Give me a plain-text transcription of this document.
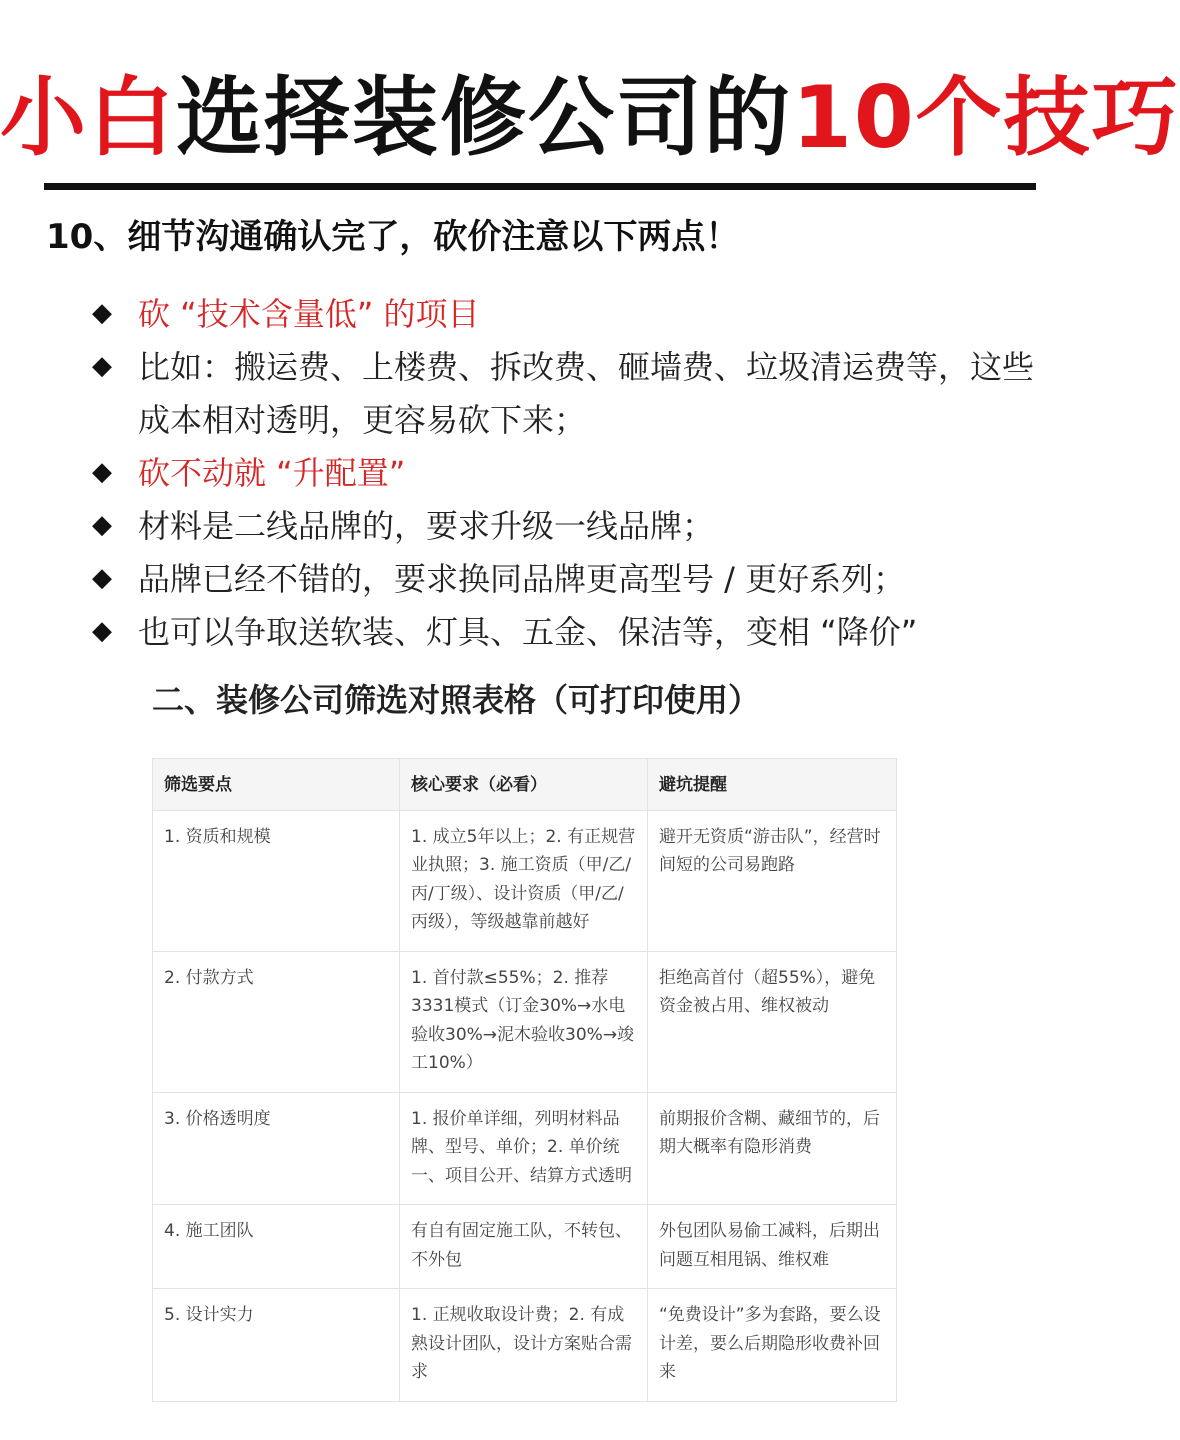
小白选择装修公司的10个技巧
10、细节沟通确认完了，砍价注意以下两点！
◆ 砍 “技术含量低” 的项目
◆ 比如：搬运费、上楼费、拆改费、砸墙费、垃圾清运费等，这些成本相对透明，更容易砍下来；
◆ 砍不动就 “升配置”
◆ 材料是二线品牌的，要求升级一线品牌；
◆ 品牌已经不错的，要求换同品牌更高型号 / 更好系列；
◆ 也可以争取送软装、灯具、五金、保洁等，变相 “降价”
二、装修公司筛选对照表格（可打印使用）
筛选要点	核心要求（必看）	避坑提醒
1. 资质和规模	1. 成立5年以上；2. 有正规营业执照；3. 施工资质（甲/乙/丙/丁级）、设计资质（甲/乙/丙级），等级越靠前越好	避开无资质“游击队”，经营时间短的公司易跑路
2. 付款方式	1. 首付款≤55%；2. 推荐3331模式（订金30%→水电验收30%→泥木验收30%→竣工10%）	拒绝高首付（超55%），避免资金被占用、维权被动
3. 价格透明度	1. 报价单详细，列明材料品牌、型号、单价；2. 单价统一、项目公开、结算方式透明	前期报价含糊、藏细节的，后期大概率有隐形消费
4. 施工团队	有自有固定施工队，不转包、不外包	外包团队易偷工减料，后期出问题互相甩锅、维权难
5. 设计实力	1. 正规收取设计费；2. 有成熟设计团队，设计方案贴合需求	“免费设计”多为套路，要么设计差，要么后期隐形收费补回来
